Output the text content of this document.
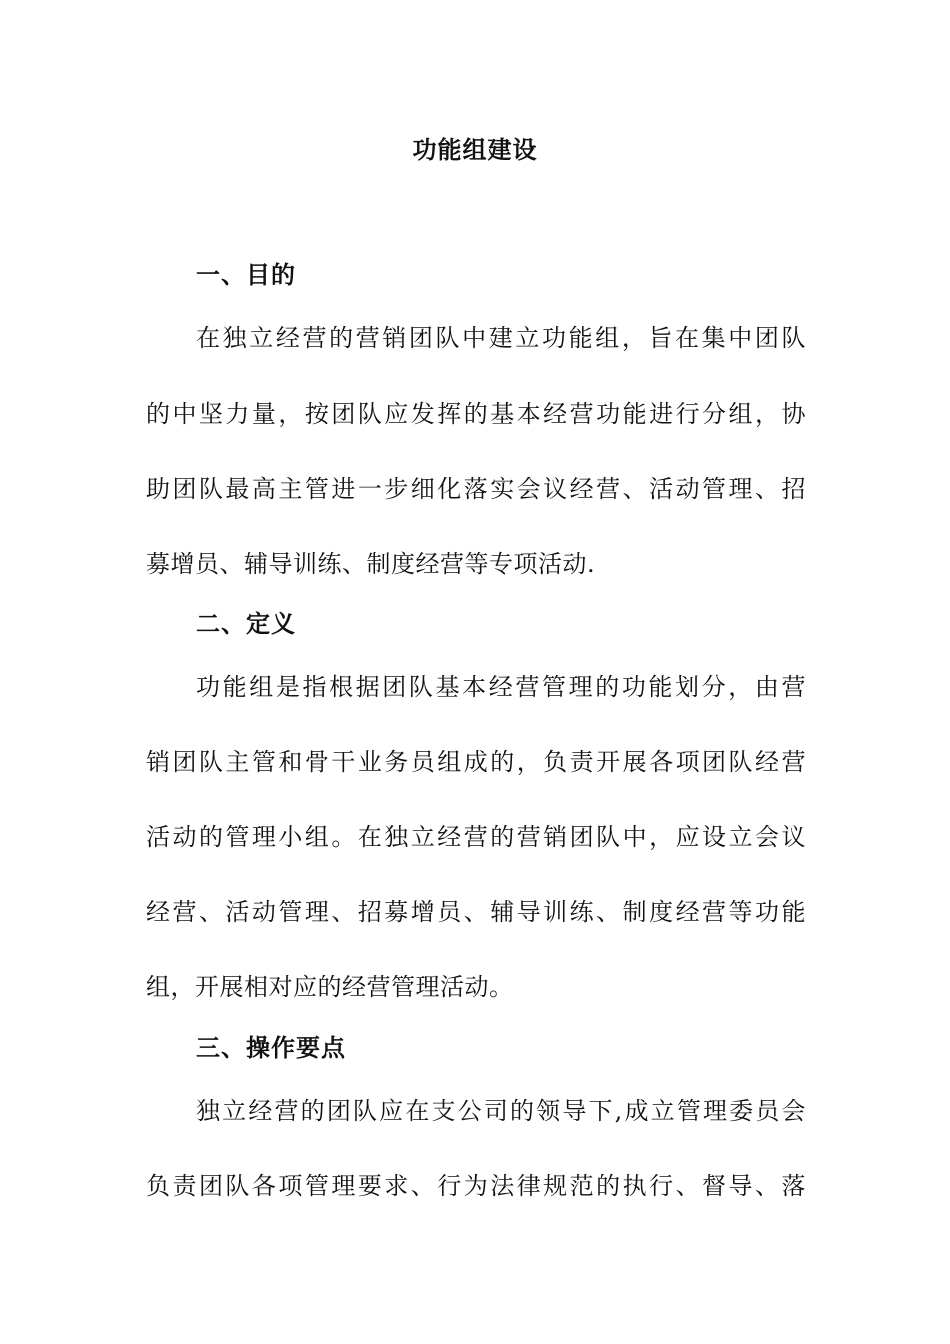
功能组建设
一、目的
在独立经营的营销团队中建立功能组，旨在集中团队
的中坚力量，按团队应发挥的基本经营功能进行分组，协
助团队最高主管进一步细化落实会议经营、活动管理、招
募增员、辅导训练、制度经营等专项活动.
二、定义
功能组是指根据团队基本经营管理的功能划分，由营
销团队主管和骨干业务员组成的，负责开展各项团队经营
活动的管理小组。在独立经营的营销团队中，应设立会议
经营、活动管理、招募增员、辅导训练、制度经营等功能
组，开展相对应的经营管理活动。
三、操作要点
独立经营的团队应在支公司的领导下,成立管理委员会
负责团队各项管理要求、行为法律规范的执行、督导、落
